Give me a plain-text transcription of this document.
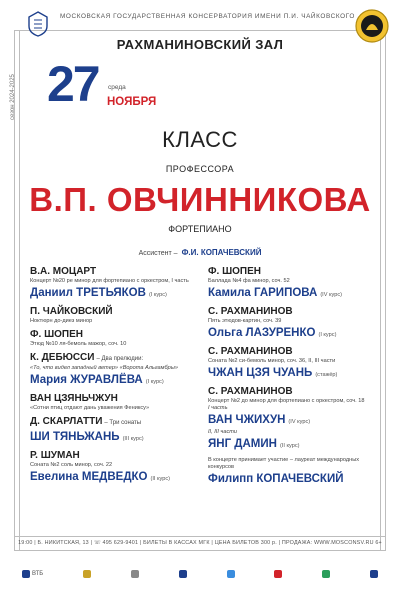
МОСКОВСКАЯ ГОСУДАРСТВЕННАЯ КОНСЕРВАТОРИЯ ИМЕНИ П.И. ЧАЙКОВСКОГО
РАХМАНИНОВСКИЙ ЗАЛ
сезон 2024-2025 27 среда
НОЯБРЯ
КЛАСС
ПРОФЕССОРА
В.П. ОВЧИННИКОВА
ФОРТЕПИАНО
Ассистент – Ф.И. КОПАЧЕВСКИЙ
В.А. МОЦАРТ
Концерт №20 ре минор для фортепиано с оркестром, I часть
Даниил ТРЕТЬЯКОВ (I курс)
П. ЧАЙКОВСКИЙ
Ноктюрн до-диез минор
Ф. ШОПЕН
Этюд №10 ля-бемоль мажор, соч. 10
К. ДЕБЮССИ – Два прелюдии:
«То, что видел западный ветер» «Ворота Альгамбры»
Мария ЖУРАВЛЁВА (I курс)
ВАН ЦЗЯНЬЧЖУН
«Сотни птиц отдают дань уважения Фениксу»
Д. СКАРЛАТТИ – Три сонаты
ШИ ТЯНЬЖАНЬ (III курс)
Р. ШУМАН
Соната №2 соль минор, соч. 22
Евелина МЕДВЕДКО (II курс)
Ф. ШОПЕН
Баллада №4 фа минор, соч. 52
Камила ГАРИПОВА (IV курс)
С. РАХМАНИНОВ
Пять этюдов-картин, соч. 39
Ольга ЛАЗУРЕНКО (I курс)
С. РАХМАНИНОВ
Соната №2 си-бемоль минор, соч. 36, II, III части
ЧЖАН ЦЗЯ ЧУАНЬ (стажёр)
С. РАХМАНИНОВ
Концерт №2 до минор для фортепиано с оркестром, соч. 18
I часть
ВАН ЧЖИХУН (IV курс)
II, III части
ЯНГ ДАМИН (II курс)
В концерте принимает участие – лауреат международных конкурсов
Филипп КОПАЧЕВСКИЙ
19:00 | Б. НИКИТСКАЯ, 13 | ☏ 495 629-9401 | БИЛЕТЫ В КАССАХ МГК | ЦЕНА БИЛЕТОВ 300 р. | ПРОДАЖА: WWW.MOSCONSV.RU 6+
ВТБ
